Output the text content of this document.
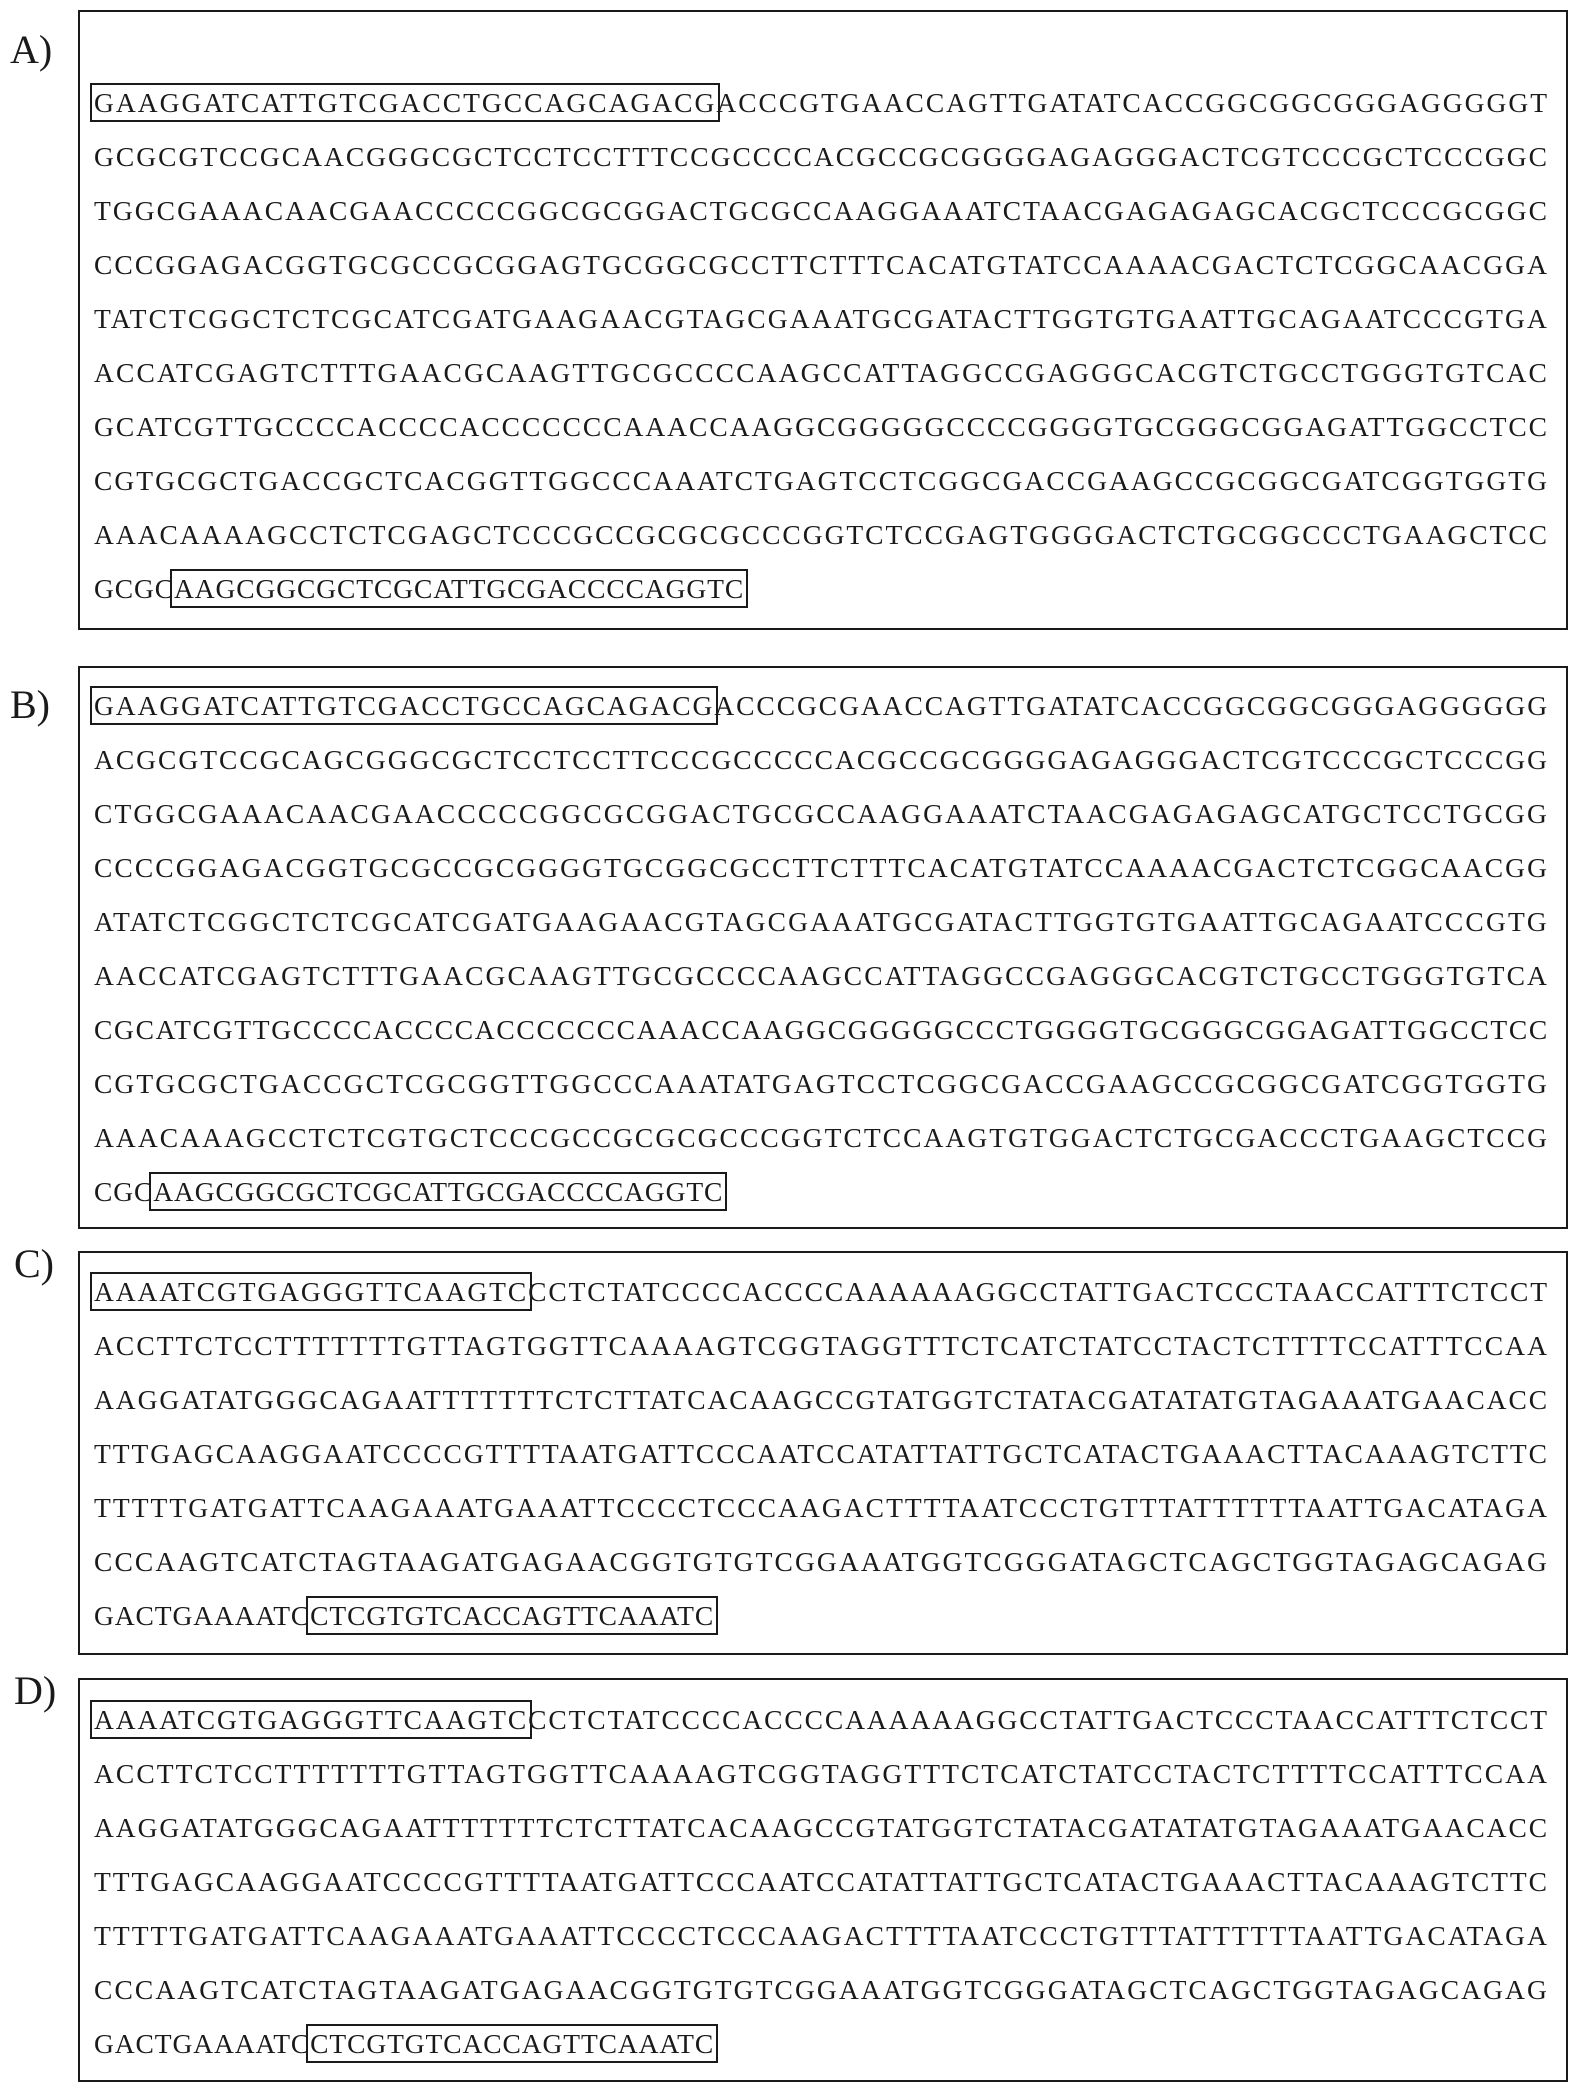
A)
GAAGGATCATTGTCGACCTGCCAGCAGACGACCCGTGAACCAGTTGATATCACCGGCGGCGGGAGGGGGT
GCGCGTCCGCAACGGGCGCTCCTCCTTTCCGCCCCACGCCGCGGGGAGAGGGACTCGTCCCGCTCCCGGC
TGGCGAAACAACGAACCCCCGGCGCGGACTGCGCCAAGGAAATCTAACGAGAGAGCACGCTCCCGCGGC
CCCGGAGACGGTGCGCCGCGGAGTGCGGCGCCTTCTTTCACATGTATCCAAAACGACTCTCGGCAACGGA
TATCTCGGCTCTCGCATCGATGAAGAACGTAGCGAAATGCGATACTTGGTGTGAATTGCAGAATCCCGTGA
ACCATCGAGTCTTTGAACGCAAGTTGCGCCCCAAGCCATTAGGCCGAGGGCACGTCTGCCTGGGTGTCAC
GCATCGTTGCCCCACCCCACCCCCCCAAACCAAGGCGGGGGCCCCGGGGTGCGGGCGGAGATTGGCCTCC
CGTGCGCTGACCGCTCACGGTTGGCCCAAATCTGAGTCCTCGGCGACCGAAGCCGCGGCGATCGGTGGTG
AAACAAAAGCCTCTCGAGCTCCCGCCGCGCGCCCGGTCTCCGAGTGGGGACTCTGCGGCCCTGAAGCTCC
GCGCAAGCGGCGCTCGCATTGCGACCCCAGGTC
B) GAAGGATCATTGTCGACCTGCCAGCAGACGACCCGCGAACCAGTTGATATCACCGGCGGCGGGAGGGGGG
ACGCGTCCGCAGCGGGCGCTCCTCCTTCCCGCCCCCACGCCGCGGGGAGAGGGACTCGTCCCGCTCCCGG
CTGGCGAAACAACGAACCCCCGGCGCGGACTGCGCCAAGGAAATCTAACGAGAGAGCATGCTCCTGCGG
CCCCGGAGACGGTGCGCCGCGGGGTGCGGCGCCTTCTTTCACATGTATCCAAAACGACTCTCGGCAACGG
ATATCTCGGCTCTCGCATCGATGAAGAACGTAGCGAAATGCGATACTTGGTGTGAATTGCAGAATCCCGTG
AACCATCGAGTCTTTGAACGCAAGTTGCGCCCCAAGCCATTAGGCCGAGGGCACGTCTGCCTGGGTGTCA
CGCATCGTTGCCCCACCCCACCCCCCCAAACCAAGGCGGGGGCCCTGGGGTGCGGGCGGAGATTGGCCTCC
CGTGCGCTGACCGCTCGCGGTTGGCCCAAATATGAGTCCTCGGCGACCGAAGCCGCGGCGATCGGTGGTG
AAACAAAGCCTCTCGTGCTCCCGCCGCGCGCCCGGTCTCCAAGTGTGGACTCTGCGACCCTGAAGCTCCG
CGCAAGCGGCGCTCGCATTGCGACCCCAGGTC
C)
AAAATCGTGAGGGTTCAAGTCCCTCTATCCCCACCCCAAAAAAGGCCTATTGACTCCCTAACCATTTCTCCT
ACCTTCTCCTTTTTTTGTTAGTGGTTCAAAAGTCGGTAGGTTTCTCATCTATCCTACTCTTTTCCATTTCCAA
AAGGATATGGGCAGAATTTTTTTCTCTTATCACAAGCCGTATGGTCTATACGATATATGTAGAAATGAACACC
TTTGAGCAAGGAATCCCCGTTTTAATGATTCCCAATCCATATTATTGCTCATACTGAAACTTACAAAGTCTTC
TTTTTGATGATTCAAGAAATGAAATTCCCCTCCCAAGACTTTTAATCCCTGTTTATTTTTTAATTGACATAGA
CCCAAGTCATCTAGTAAGATGAGAACGGTGTGTCGGAAATGGTCGGGATAGCTCAGCTGGTAGAGCAGAG
GACTGAAAATCCTCGTGTCACCAGTTCAAATC
D)
AAAATCGTGAGGGTTCAAGTCCCTCTATCCCCACCCCAAAAAAGGCCTATTGACTCCCTAACCATTTCTCCT
ACCTTCTCCTTTTTTTGTTAGTGGTTCAAAAGTCGGTAGGTTTCTCATCTATCCTACTCTTTTCCATTTCCAA
AAGGATATGGGCAGAATTTTTTTCTCTTATCACAAGCCGTATGGTCTATACGATATATGTAGAAATGAACACC
TTTGAGCAAGGAATCCCCGTTTTAATGATTCCCAATCCATATTATTGCTCATACTGAAACTTACAAAGTCTTC
TTTTTGATGATTCAAGAAATGAAATTCCCCTCCCAAGACTTTTAATCCCTGTTTATTTTTTAATTGACATAGA
CCCAAGTCATCTAGTAAGATGAGAACGGTGTGTCGGAAATGGTCGGGATAGCTCAGCTGGTAGAGCAGAG
GACTGAAAATCCTCGTGTCACCAGTTCAAATC
